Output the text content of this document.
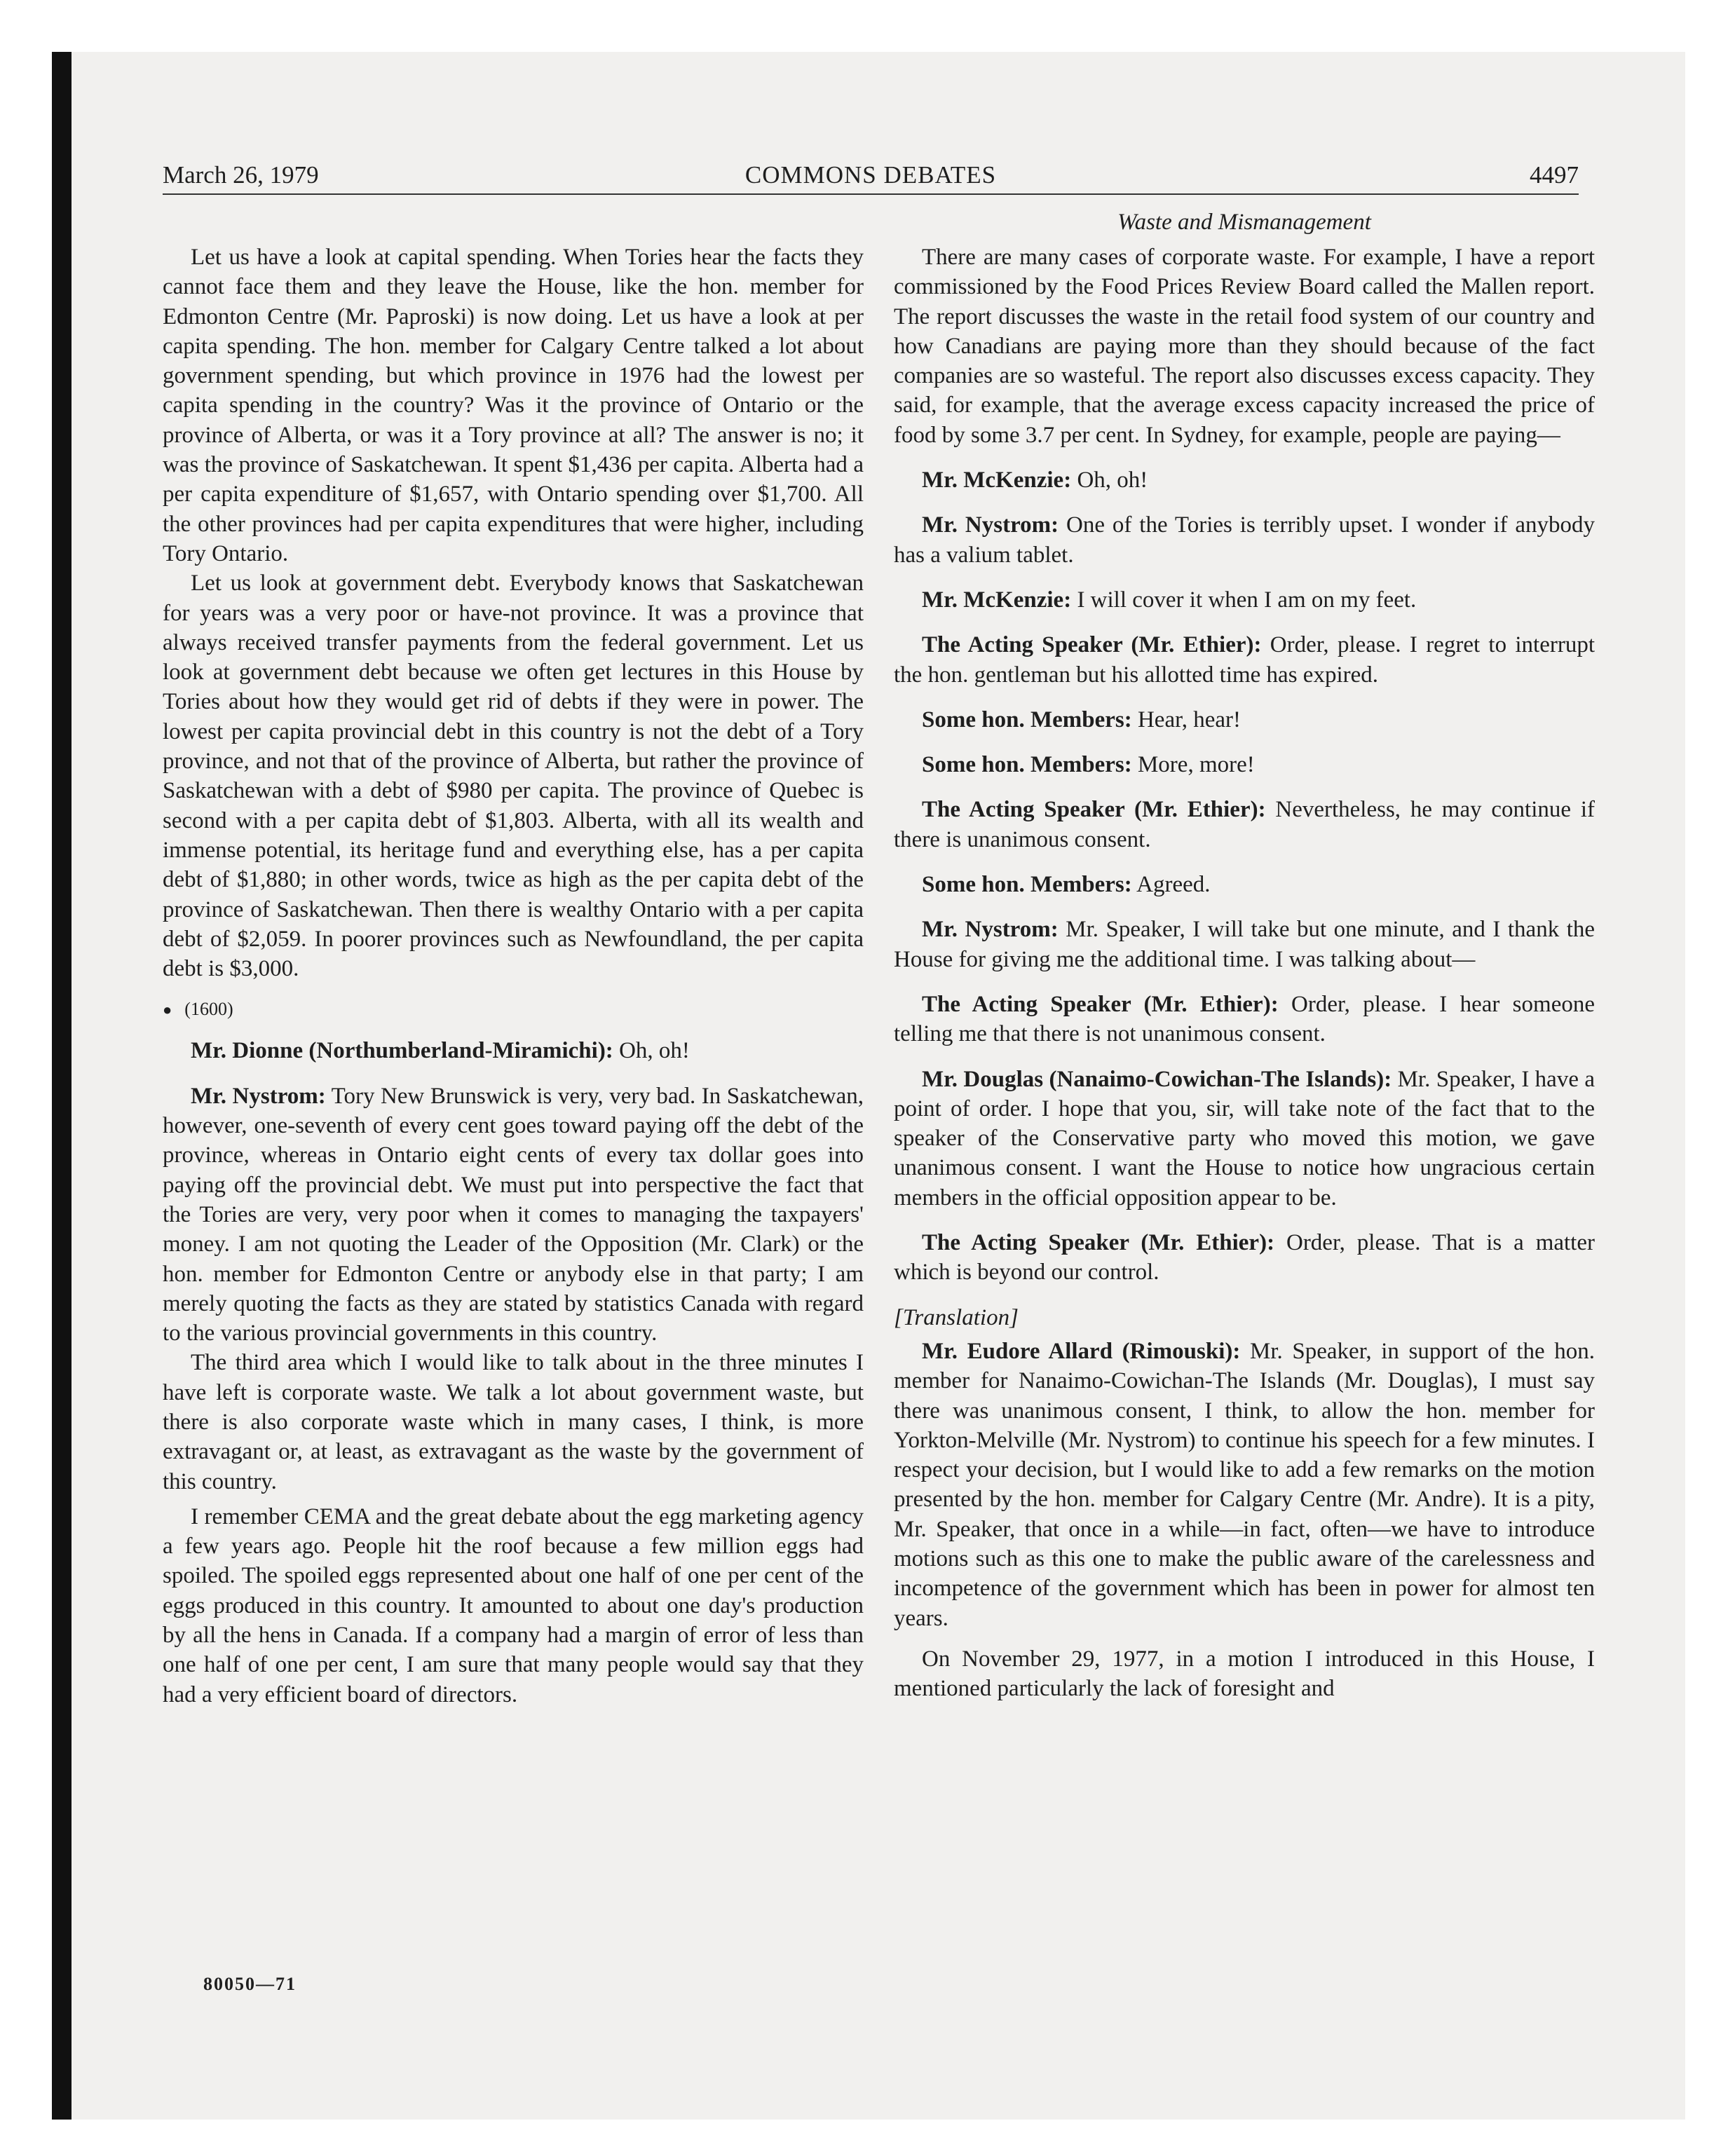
COMMONS DEBATES
March 26, 1979	4497

Let us have a look at capital spending. When Tories hear the facts they cannot face them and they leave the House, like the hon. member for Edmonton Centre (Mr. Paproski) is now doing. Let us have a look at per capita spending. The hon. member for Calgary Centre talked a lot about government spending, but which province in 1976 had the lowest per capita spending in the country? Was it the province of Ontario or the province of Alberta, or was it a Tory province at all? The answer is no; it was the province of Saskatchewan. It spent $1,436 per capita. Alberta had a per capita expenditure of $1,657, with Ontario spending over $1,700. All the other provinces had per capita expenditures that were higher, including Tory Ontario.

Let us look at government debt. Everybody knows that Saskatchewan for years was a very poor or have-not province. It was a province that always received transfer payments from the federal government. Let us look at government debt because we often get lectures in this House by Tories about how they would get rid of debts if they were in power. The lowest per capita provincial debt in this country is not the debt of a Tory province, and not that of the province of Alberta, but rather the province of Saskatchewan with a debt of $980 per capita. The province of Quebec is second with a per capita debt of $1,803. Alberta, with all its wealth and immense potential, its heritage fund and everything else, has a per capita debt of $1,880; in other words, twice as high as the per capita debt of the province of Saskatchewan. Then there is wealthy Ontario with a per capita debt of $2,059. In poorer provinces such as Newfoundland, the per capita debt is $3,000.

● (1600)

Mr. Dionne (Northumberland-Miramichi): Oh, oh!

Mr. Nystrom: Tory New Brunswick is very, very bad. In Saskatchewan, however, one-seventh of every cent goes toward paying off the debt of the province, whereas in Ontario eight cents of every tax dollar goes into paying off the provincial debt. We must put into perspective the fact that the Tories are very, very poor when it comes to managing the taxpayers' money. I am not quoting the Leader of the Opposition (Mr. Clark) or the hon. member for Edmonton Centre or anybody else in that party; I am merely quoting the facts as they are stated by statistics Canada with regard to the various provincial governments in this country.

The third area which I would like to talk about in the three minutes I have left is corporate waste. We talk a lot about government waste, but there is also corporate waste which in many cases, I think, is more extravagant or, at least, as extravagant as the waste by the government of this country.

I remember CEMA and the great debate about the egg marketing agency a few years ago. People hit the roof because a few million eggs had spoiled. The spoiled eggs represented about one half of one per cent of the eggs produced in this country. It amounted to about one day's production by all the hens in Canada. If a company had a margin of error of less than one half of one per cent, I am sure that many people would say that they had a very efficient board of directors.

Waste and Mismanagement

There are many cases of corporate waste. For example, I have a report commissioned by the Food Prices Review Board called the Mallen report. The report discusses the waste in the retail food system of our country and how Canadians are paying more than they should because of the fact companies are so wasteful. The report also discusses excess capacity. They said, for example, that the average excess capacity increased the price of food by some 3.7 per cent. In Sydney, for example, people are paying—

Mr. McKenzie: Oh, oh!

Mr. Nystrom: One of the Tories is terribly upset. I wonder if anybody has a valium tablet.

Mr. McKenzie: I will cover it when I am on my feet.

The Acting Speaker (Mr. Ethier): Order, please. I regret to interrupt the hon. gentleman but his allotted time has expired.

Some hon. Members: Hear, hear!

Some hon. Members: More, more!

The Acting Speaker (Mr. Ethier): Nevertheless, he may continue if there is unanimous consent.

Some hon. Members: Agreed.

Mr. Nystrom: Mr. Speaker, I will take but one minute, and I thank the House for giving me the additional time. I was talking about—

The Acting Speaker (Mr. Ethier): Order, please. I hear someone telling me that there is not unanimous consent.

Mr. Douglas (Nanaimo-Cowichan-The Islands): Mr. Speaker, I have a point of order. I hope that you, sir, will take note of the fact that to the speaker of the Conservative party who moved this motion, we gave unanimous consent. I want the House to notice how ungracious certain members in the official opposition appear to be.

The Acting Speaker (Mr. Ethier): Order, please. That is a matter which is beyond our control.

[Translation]

Mr. Eudore Allard (Rimouski): Mr. Speaker, in support of the hon. member for Nanaimo-Cowichan-The Islands (Mr. Douglas), I must say there was unanimous consent, I think, to allow the hon. member for Yorkton-Melville (Mr. Nystrom) to continue his speech for a few minutes. I respect your decision, but I would like to add a few remarks on the motion presented by the hon. member for Calgary Centre (Mr. Andre). It is a pity, Mr. Speaker, that once in a while—in fact, often—we have to introduce motions such as this one to make the public aware of the carelessness and incompetence of the government which has been in power for almost ten years.

On November 29, 1977, in a motion I introduced in this House, I mentioned particularly the lack of foresight and

80050—71
